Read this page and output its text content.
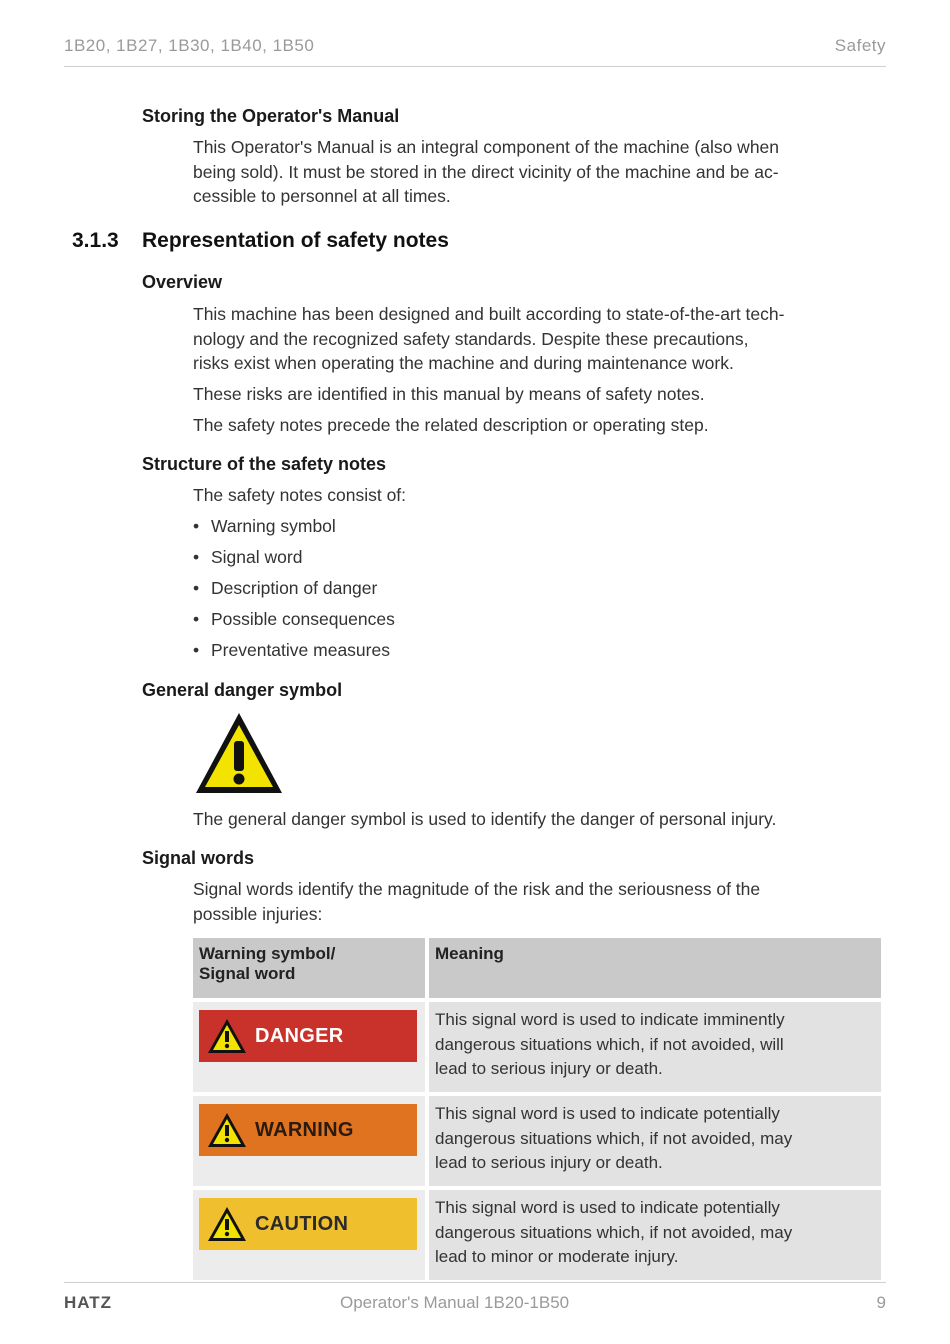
1B20, 1B27, 1B30, 1B40, 1B50	Safety
Storing the Operator's Manual
This Operator's Manual is an integral component of the machine (also when
being sold). It must be stored in the direct vicinity of the machine and be ac-
cessible to personnel at all times.
3.1.3 Representation of safety notes
Overview
This machine has been designed and built according to state-of-the-art tech-
nology and the recognized safety standards. Despite these precautions,
risks exist when operating the machine and during maintenance work.
These risks are identified in this manual by means of safety notes.
The safety notes precede the related description or operating step.
Structure of the safety notes
The safety notes consist of:
• Warning symbol
• Signal word
• Description of danger
• Possible consequences
• Preventative measures
General danger symbol
The general danger symbol is used to identify the danger of personal injury.
Signal words
Signal words identify the magnitude of the risk and the seriousness of the
possible injuries:
Warning symbol/
Signal word	Meaning

DANGER	This signal word is used to indicate imminently
dangerous situations which, if not avoided, will
lead to serious injury or death.

WARNING	This signal word is used to indicate potentially
dangerous situations which, if not avoided, may
lead to serious injury or death.

CAUTION	This signal word is used to indicate potentially
dangerous situations which, if not avoided, may
lead to minor or moderate injury.
HATZ	Operator's Manual 1B20-1B50	9
